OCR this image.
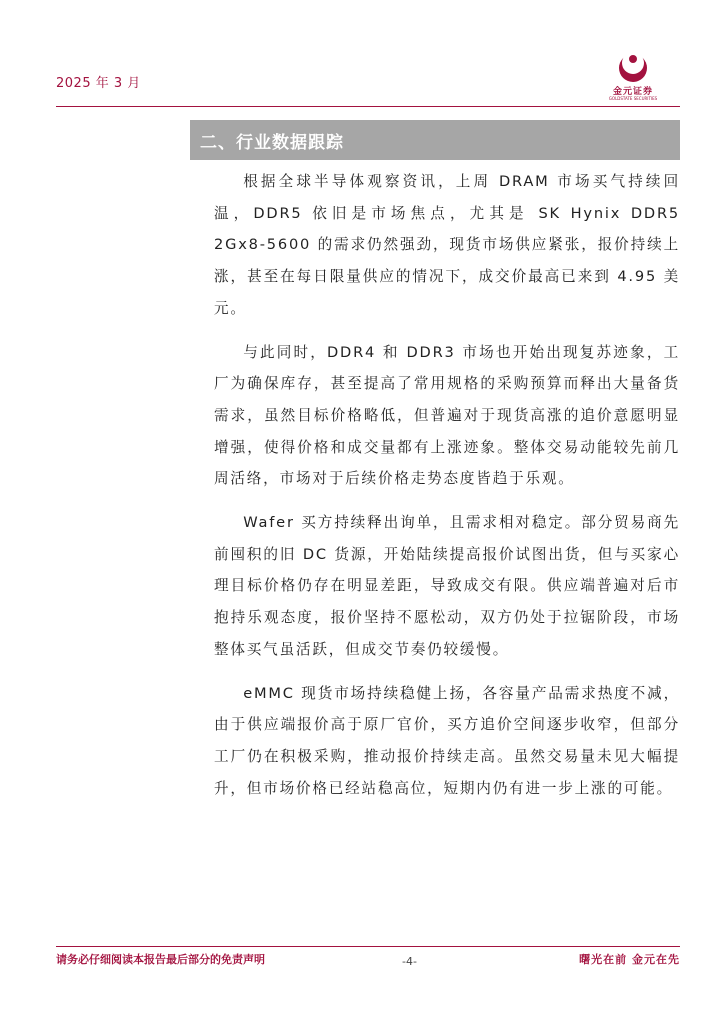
2025 年 3 月
金元证券
GOLDSTATE SECURITIES
二、行业数据跟踪

根据全球半导体观察资讯，上周 DRAM 市场买气持续回温，DDR5 依旧是市场焦点，尤其是 SK Hynix DDR5 2Gx8-5600 的需求仍然强劲，现货市场供应紧张，报价持续上涨，甚至在每日限量供应的情况下，成交价最高已来到 4.95 美元。

与此同时，DDR4 和 DDR3 市场也开始出现复苏迹象，工厂为确保库存，甚至提高了常用规格的采购预算而释出大量备货需求，虽然目标价格略低，但普遍对于现货高涨的追价意愿明显增强，使得价格和成交量都有上涨迹象。整体交易动能较先前几周活络，市场对于后续价格走势态度皆趋于乐观。

Wafer 买方持续释出询单，且需求相对稳定。部分贸易商先前囤积的旧 DC 货源，开始陆续提高报价试图出货，但与买家心理目标价格仍存在明显差距，导致成交有限。供应端普遍对后市抱持乐观态度，报价坚持不愿松动，双方仍处于拉锯阶段，市场整体买气虽活跃，但成交节奏仍较缓慢。

eMMC 现货市场持续稳健上扬，各容量产品需求热度不减，由于供应端报价高于原厂官价，买方追价空间逐步收窄，但部分工厂仍在积极采购，推动报价持续走高。虽然交易量未见大幅提升，但市场价格已经站稳高位，短期内仍有进一步上涨的可能。

请务必仔细阅读本报告最后部分的免责声明	-4-	曙光在前 金元在先
